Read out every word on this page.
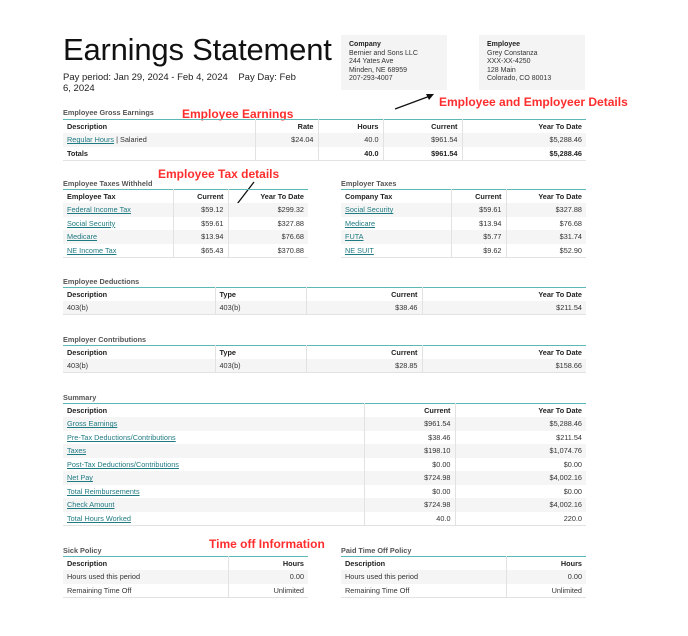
Earnings Statement
Pay period: Jan 29, 2024 - Feb 4, 2024 Pay Day: Feb 6, 2024
Company
Bernier and Sons LLC
244 Yates Ave
Minden, NE 68959
207-293-4007
Employee
Grey Constanza
XXX-XX-4250
128 Main
Colorado, CO 80013
Employee and Employeer Details
Employee Earnings
Employee Tax details
Time off Information
Employee Gross Earnings
Description	Rate	Hours	Current	Year To Date
Regular Hours | Salaried	$24.04	40.0	$961.54	$5,288.46
Totals		40.0	$961.54	$5,288.46
Employee Taxes Withheld
Employee Tax	Current	Year To Date
Federal Income Tax	$59.12	$299.32
Social Security	$59.61	$327.88
Medicare	$13.94	$76.68
NE Income Tax	$65.43	$370.88
Employer Taxes
Company Tax	Current	Year To Date
Social Security	$59.61	$327.88
Medicare	$13.94	$76.68
FUTA	$5.77	$31.74
NE SUIT	$9.62	$52.90
Employee Deductions
Description	Type	Current	Year To Date
403(b)	403(b)	$38.46	$211.54
Employer Contributions
Description	Type	Current	Year To Date
403(b)	403(b)	$28.85	$158.66
Summary
Description	Current	Year To Date
Gross Earnings	$961.54	$5,288.46
Pre-Tax Deductions/Contributions	$38.46	$211.54
Taxes	$198.10	$1,074.76
Post-Tax Deductions/Contributions	$0.00	$0.00
Net Pay	$724.98	$4,002.16
Total Reimbursements	$0.00	$0.00
Check Amount	$724.98	$4,002.16
Total Hours Worked	40.0	220.0
Sick Policy
Description	Hours
Hours used this period	0.00
Remaining Time Off	Unlimited
Paid Time Off Policy
Description	Hours
Hours used this period	0.00
Remaining Time Off	Unlimited
